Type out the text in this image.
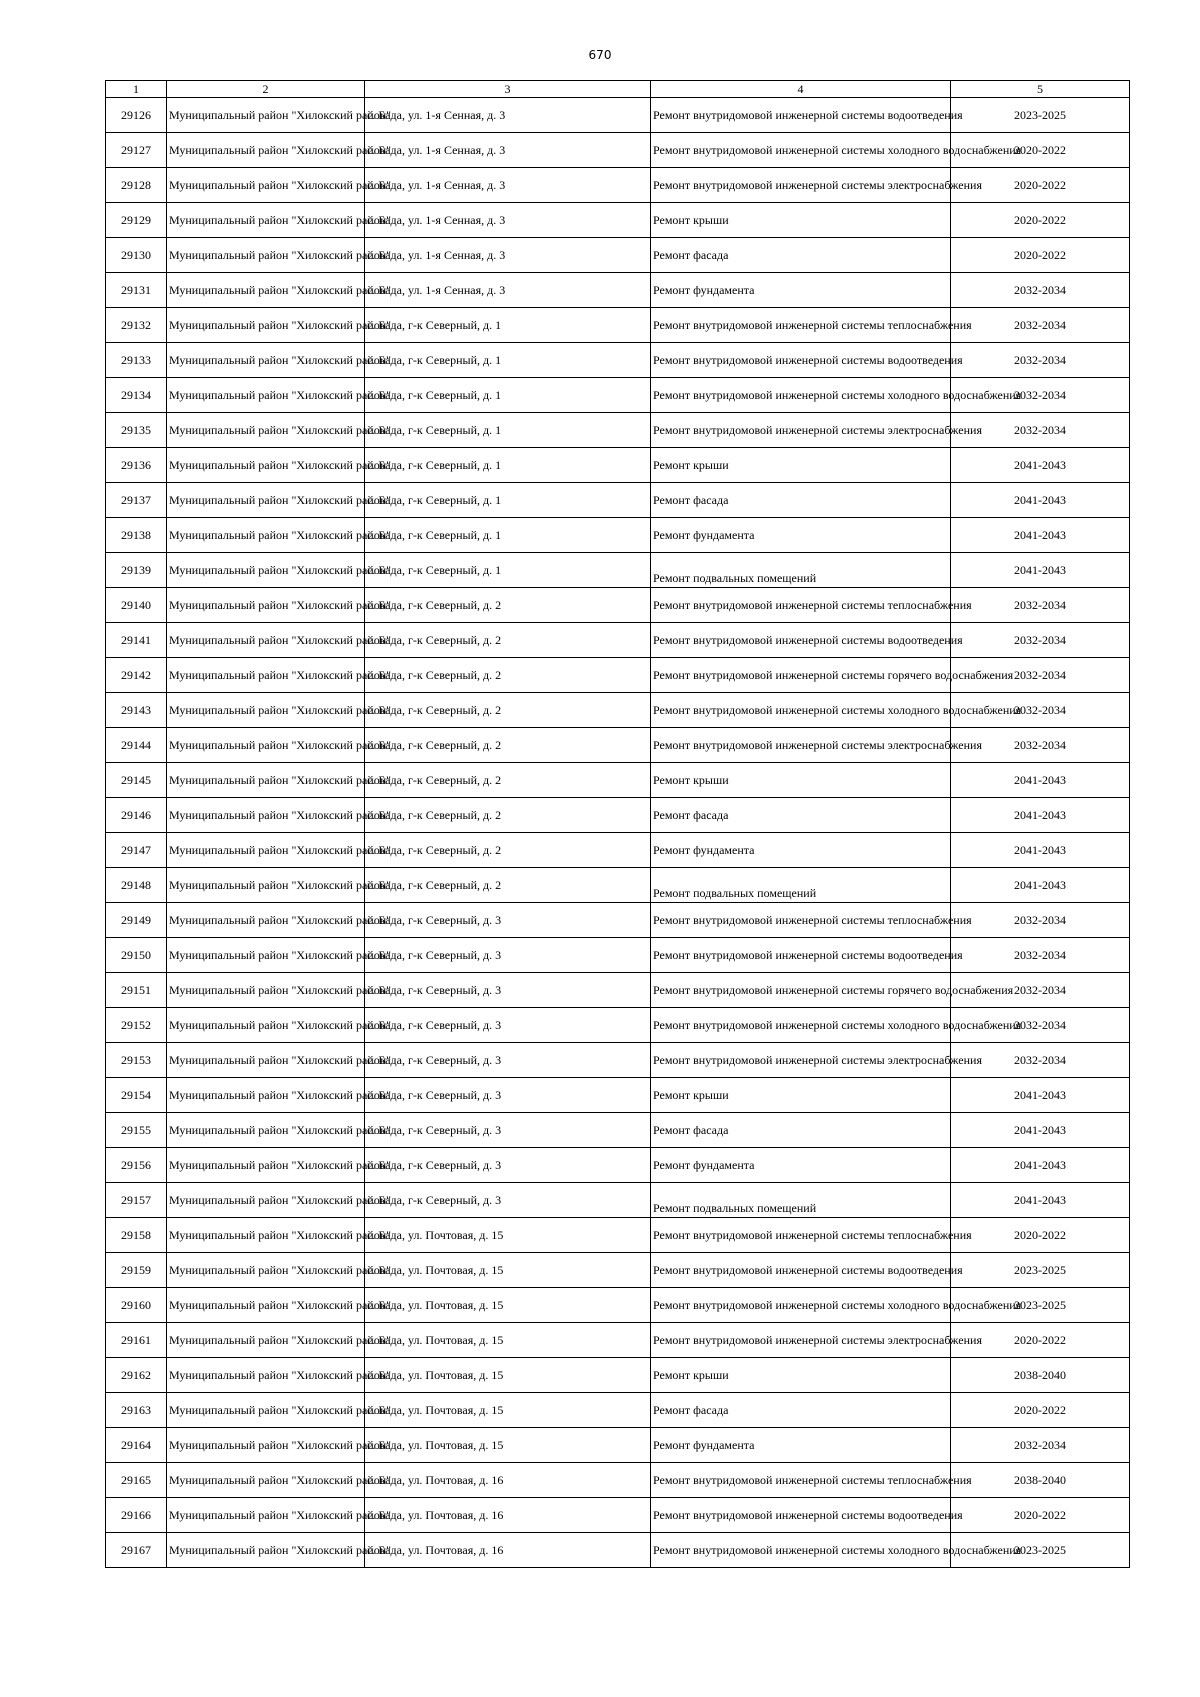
670
1	2	3	4	5
29126	Муниципальный район "Хилокский район"	с. Бада, ул. 1-я Сенная, д. 3	Ремонт внутридомовой инженерной системы водоотведения	2023-2025
29127	Муниципальный район "Хилокский район"	с. Бада, ул. 1-я Сенная, д. 3	Ремонт внутридомовой инженерной системы холодного водоснабжения	2020-2022
29128	Муниципальный район "Хилокский район"	с. Бада, ул. 1-я Сенная, д. 3	Ремонт внутридомовой инженерной системы электроснабжения	2020-2022
29129	Муниципальный район "Хилокский район"	с. Бада, ул. 1-я Сенная, д. 3	Ремонт крыши	2020-2022
29130	Муниципальный район "Хилокский район"	с. Бада, ул. 1-я Сенная, д. 3	Ремонт фасада	2020-2022
29131	Муниципальный район "Хилокский район"	с. Бада, ул. 1-я Сенная, д. 3	Ремонт фундамента	2032-2034
29132	Муниципальный район "Хилокский район"	с. Бада, г-к Северный, д. 1	Ремонт внутридомовой инженерной системы теплоснабжения	2032-2034
29133	Муниципальный район "Хилокский район"	с. Бада, г-к Северный, д. 1	Ремонт внутридомовой инженерной системы водоотведения	2032-2034
29134	Муниципальный район "Хилокский район"	с. Бада, г-к Северный, д. 1	Ремонт внутридомовой инженерной системы холодного водоснабжения	2032-2034
29135	Муниципальный район "Хилокский район"	с. Бада, г-к Северный, д. 1	Ремонт внутридомовой инженерной системы электроснабжения	2032-2034
29136	Муниципальный район "Хилокский район"	с. Бада, г-к Северный, д. 1	Ремонт крыши	2041-2043
29137	Муниципальный район "Хилокский район"	с. Бада, г-к Северный, д. 1	Ремонт фасада	2041-2043
29138	Муниципальный район "Хилокский район"	с. Бада, г-к Северный, д. 1	Ремонт фундамента	2041-2043
29139	Муниципальный район "Хилокский район"	с. Бада, г-к Северный, д. 1	Ремонт подвальных помещений	2041-2043
29140	Муниципальный район "Хилокский район"	с. Бада, г-к Северный, д. 2	Ремонт внутридомовой инженерной системы теплоснабжения	2032-2034
29141	Муниципальный район "Хилокский район"	с. Бада, г-к Северный, д. 2	Ремонт внутридомовой инженерной системы водоотведения	2032-2034
29142	Муниципальный район "Хилокский район"	с. Бада, г-к Северный, д. 2	Ремонт внутридомовой инженерной системы горячего водоснабжения	2032-2034
29143	Муниципальный район "Хилокский район"	с. Бада, г-к Северный, д. 2	Ремонт внутридомовой инженерной системы холодного водоснабжения	2032-2034
29144	Муниципальный район "Хилокский район"	с. Бада, г-к Северный, д. 2	Ремонт внутридомовой инженерной системы электроснабжения	2032-2034
29145	Муниципальный район "Хилокский район"	с. Бада, г-к Северный, д. 2	Ремонт крыши	2041-2043
29146	Муниципальный район "Хилокский район"	с. Бада, г-к Северный, д. 2	Ремонт фасада	2041-2043
29147	Муниципальный район "Хилокский район"	с. Бада, г-к Северный, д. 2	Ремонт фундамента	2041-2043
29148	Муниципальный район "Хилокский район"	с. Бада, г-к Северный, д. 2	Ремонт подвальных помещений	2041-2043
29149	Муниципальный район "Хилокский район"	с. Бада, г-к Северный, д. 3	Ремонт внутридомовой инженерной системы теплоснабжения	2032-2034
29150	Муниципальный район "Хилокский район"	с. Бада, г-к Северный, д. 3	Ремонт внутридомовой инженерной системы водоотведения	2032-2034
29151	Муниципальный район "Хилокский район"	с. Бада, г-к Северный, д. 3	Ремонт внутридомовой инженерной системы горячего водоснабжения	2032-2034
29152	Муниципальный район "Хилокский район"	с. Бада, г-к Северный, д. 3	Ремонт внутридомовой инженерной системы холодного водоснабжения	2032-2034
29153	Муниципальный район "Хилокский район"	с. Бада, г-к Северный, д. 3	Ремонт внутридомовой инженерной системы электроснабжения	2032-2034
29154	Муниципальный район "Хилокский район"	с. Бада, г-к Северный, д. 3	Ремонт крыши	2041-2043
29155	Муниципальный район "Хилокский район"	с. Бада, г-к Северный, д. 3	Ремонт фасада	2041-2043
29156	Муниципальный район "Хилокский район"	с. Бада, г-к Северный, д. 3	Ремонт фундамента	2041-2043
29157	Муниципальный район "Хилокский район"	с. Бада, г-к Северный, д. 3	Ремонт подвальных помещений	2041-2043
29158	Муниципальный район "Хилокский район"	с. Бада, ул. Почтовая, д. 15	Ремонт внутридомовой инженерной системы теплоснабжения	2020-2022
29159	Муниципальный район "Хилокский район"	с. Бада, ул. Почтовая, д. 15	Ремонт внутридомовой инженерной системы водоотведения	2023-2025
29160	Муниципальный район "Хилокский район"	с. Бада, ул. Почтовая, д. 15	Ремонт внутридомовой инженерной системы холодного водоснабжения	2023-2025
29161	Муниципальный район "Хилокский район"	с. Бада, ул. Почтовая, д. 15	Ремонт внутридомовой инженерной системы электроснабжения	2020-2022
29162	Муниципальный район "Хилокский район"	с. Бада, ул. Почтовая, д. 15	Ремонт крыши	2038-2040
29163	Муниципальный район "Хилокский район"	с. Бада, ул. Почтовая, д. 15	Ремонт фасада	2020-2022
29164	Муниципальный район "Хилокский район"	с. Бада, ул. Почтовая, д. 15	Ремонт фундамента	2032-2034
29165	Муниципальный район "Хилокский район"	с. Бада, ул. Почтовая, д. 16	Ремонт внутридомовой инженерной системы теплоснабжения	2038-2040
29166	Муниципальный район "Хилокский район"	с. Бада, ул. Почтовая, д. 16	Ремонт внутридомовой инженерной системы водоотведения	2020-2022
29167	Муниципальный район "Хилокский район"	с. Бада, ул. Почтовая, д. 16	Ремонт внутридомовой инженерной системы холодного водоснабжения	2023-2025
